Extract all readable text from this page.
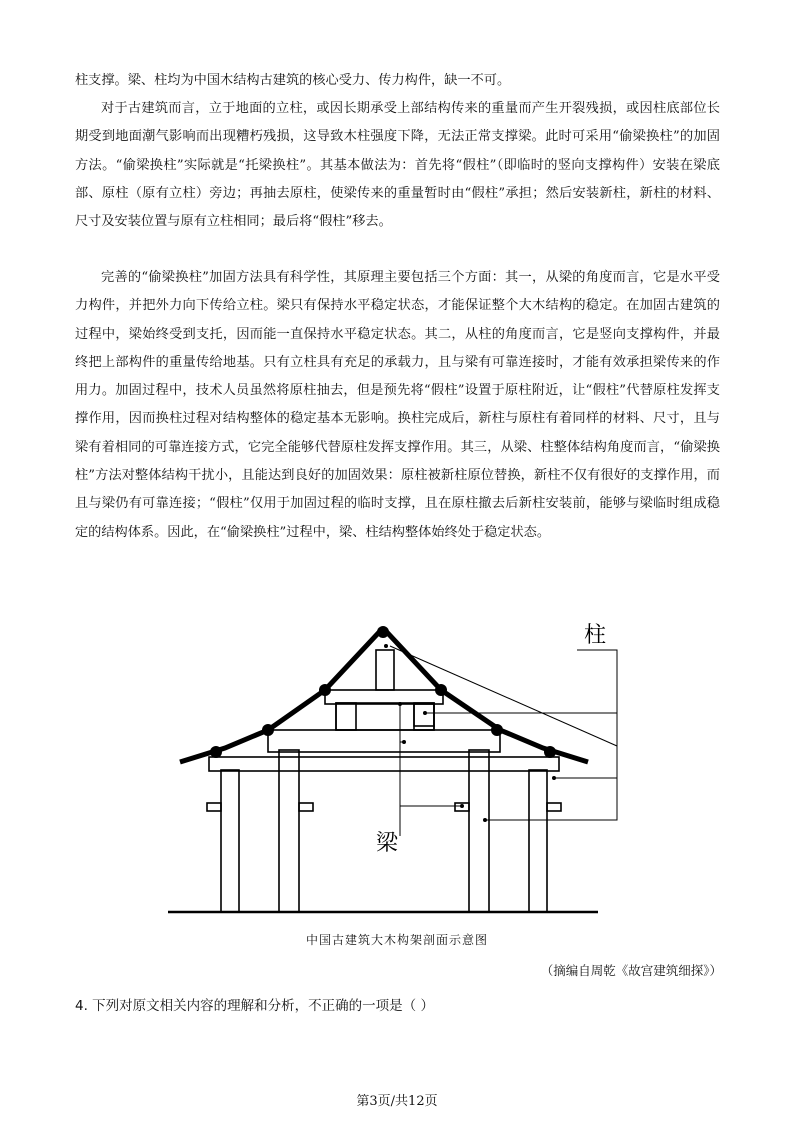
柱支撑。梁、柱均为中国木结构古建筑的核心受力、传力构件，缺一不可。

对于古建筑而言，立于地面的立柱，或因长期承受上部结构传来的重量而产生开裂残损，或因柱底部位长期受到地面潮气影响而出现糟朽残损，这导致木柱强度下降，无法正常支撑梁。此时可采用“偷梁换柱”的加固方法。“偷梁换柱”实际就是“托梁换柱”。其基本做法为：首先将“假柱”（即临时的竖向支撑构件）安装在梁底部、原柱（原有立柱）旁边；再抽去原柱，使梁传来的重量暂时由“假柱”承担；然后安装新柱，新柱的材料、尺寸及安装位置与原有立柱相同；最后将“假柱”移去。

完善的“偷梁换柱”加固方法具有科学性，其原理主要包括三个方面：其一，从梁的角度而言，它是水平受力构件，并把外力向下传给立柱。梁只有保持水平稳定状态，才能保证整个大木结构的稳定。在加固古建筑的过程中，梁始终受到支托，因而能一直保持水平稳定状态。其二，从柱的角度而言，它是竖向支撑构件，并最终把上部构件的重量传给地基。只有立柱具有充足的承载力，且与梁有可靠连接时，才能有效承担梁传来的作用力。加固过程中，技术人员虽然将原柱抽去，但是预先将“假柱”设置于原柱附近，让“假柱”代替原柱发挥支撑作用，因而换柱过程对结构整体的稳定基本无影响。换柱完成后，新柱与原柱有着同样的材料、尺寸，且与梁有着相同的可靠连接方式，它完全能够代替原柱发挥支撑作用。其三，从梁、柱整体结构角度而言，“偷梁换柱”方法对整体结构干扰小，且能达到良好的加固效果：原柱被新柱原位替换，新柱不仅有很好的支撑作用，而且与梁仍有可靠连接；“假柱”仅用于加固过程的临时支撑，且在原柱撤去后新柱安装前，能够与梁临时组成稳定的结构体系。因此，在“偷梁换柱”过程中，梁、柱结构整体始终处于稳定状态。

柱
梁
中国古建筑大木构架剖面示意图
（摘编自周乾《故宫建筑细探》）
4. 下列对原文相关内容的理解和分析，不正确的一项是（ ）
第3页/共12页
